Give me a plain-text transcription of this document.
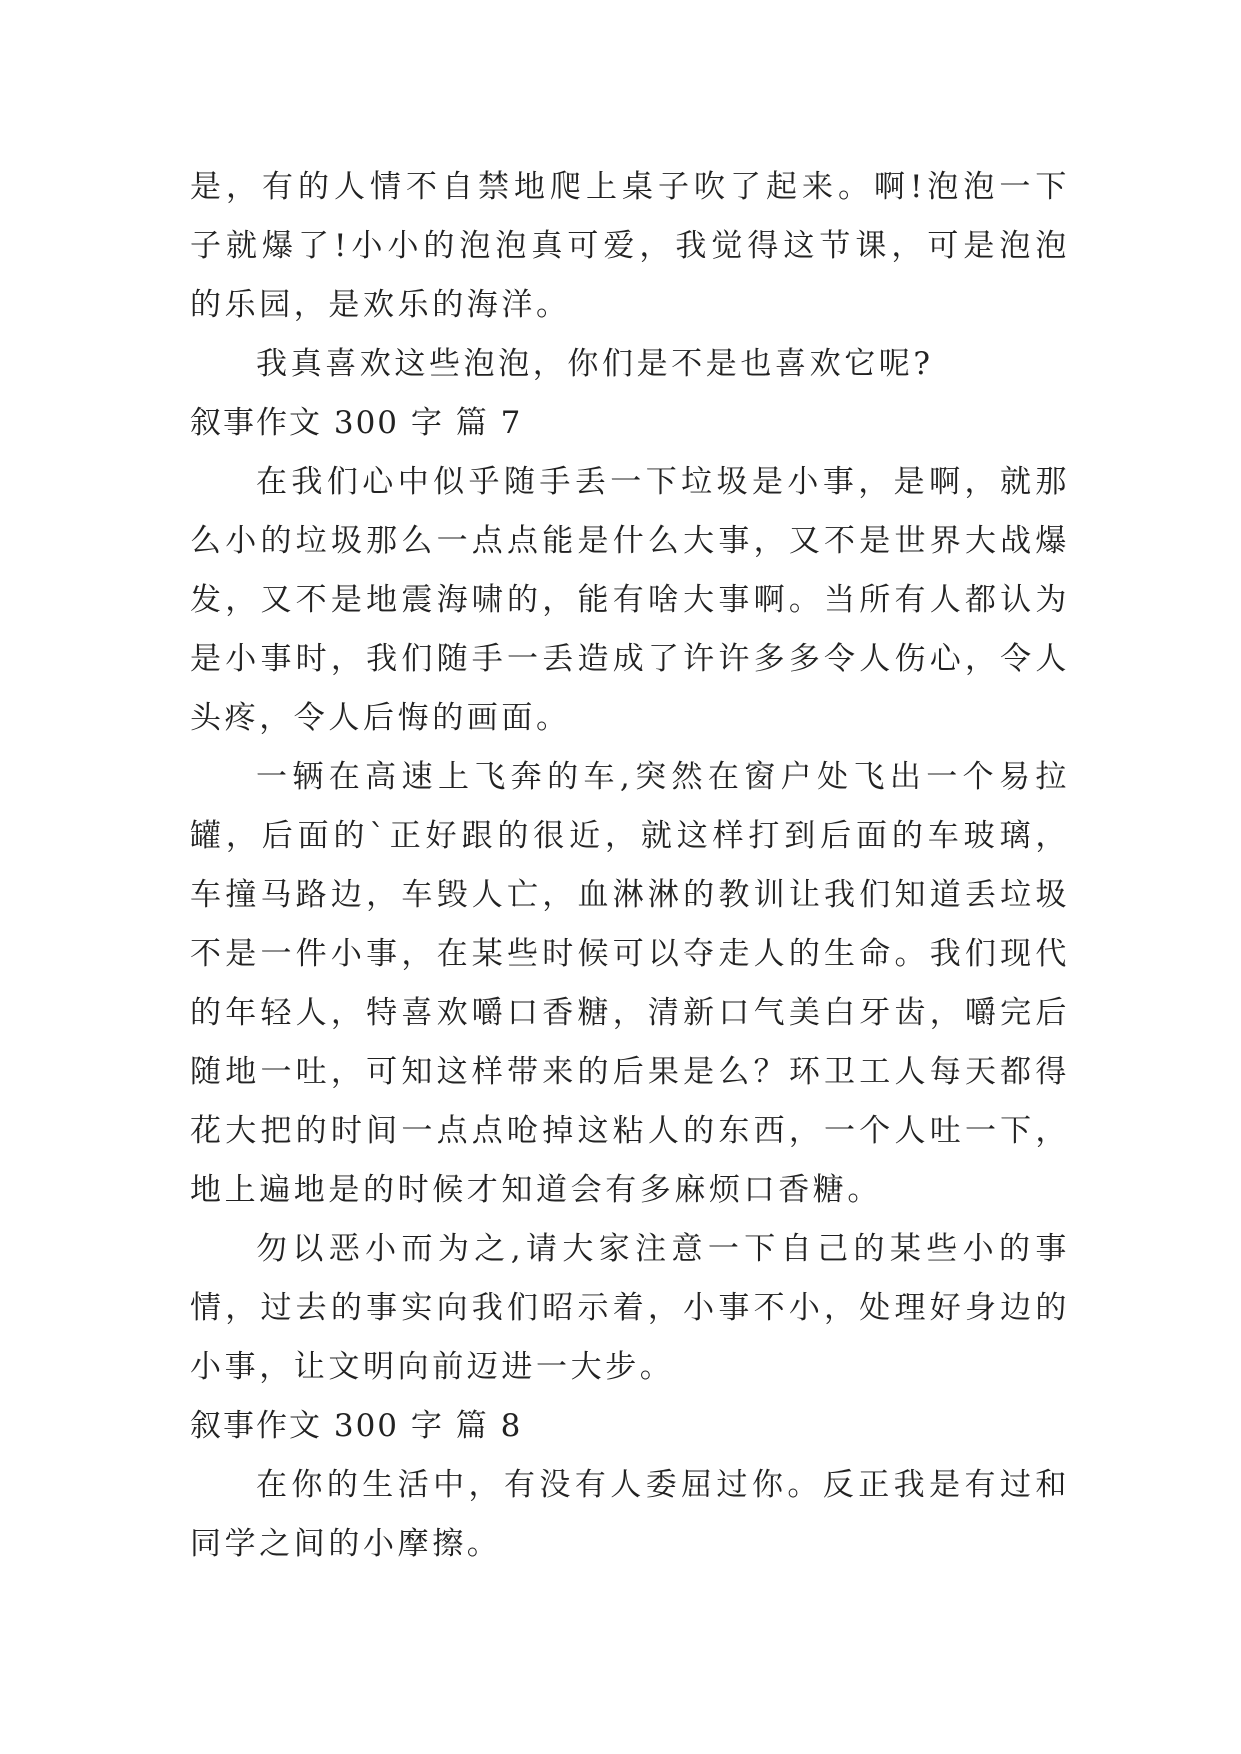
是，有的人情不自禁地爬上桌子吹了起来。啊!泡泡一下子就爆了!小小的泡泡真可爱，我觉得这节课，可是泡泡的乐园，是欢乐的海洋。

我真喜欢这些泡泡，你们是不是也喜欢它呢?

叙事作文 300 字 篇 7

在我们心中似乎随手丢一下垃圾是小事，是啊，就那么小的垃圾那么一点点能是什么大事，又不是世界大战爆发，又不是地震海啸的，能有啥大事啊。当所有人都认为是小事时，我们随手一丢造成了许许多多令人伤心，令人头疼，令人后悔的画面。

一辆在高速上飞奔的车,突然在窗户处飞出一个易拉罐，后面的`正好跟的很近，就这样打到后面的车玻璃，车撞马路边，车毁人亡，血淋淋的教训让我们知道丢垃圾不是一件小事，在某些时候可以夺走人的生命。我们现代的年轻人，特喜欢嚼口香糖，清新口气美白牙齿，嚼完后随地一吐，可知这样带来的后果是么？环卫工人每天都得花大把的时间一点点呛掉这粘人的东西，一个人吐一下，地上遍地是的时候才知道会有多麻烦口香糖。

勿以恶小而为之,请大家注意一下自己的某些小的事情，过去的事实向我们昭示着，小事不小，处理好身边的小事，让文明向前迈进一大步。

叙事作文 300 字 篇 8

在你的生活中，有没有人委屈过你。反正我是有过和同学之间的小摩擦。
